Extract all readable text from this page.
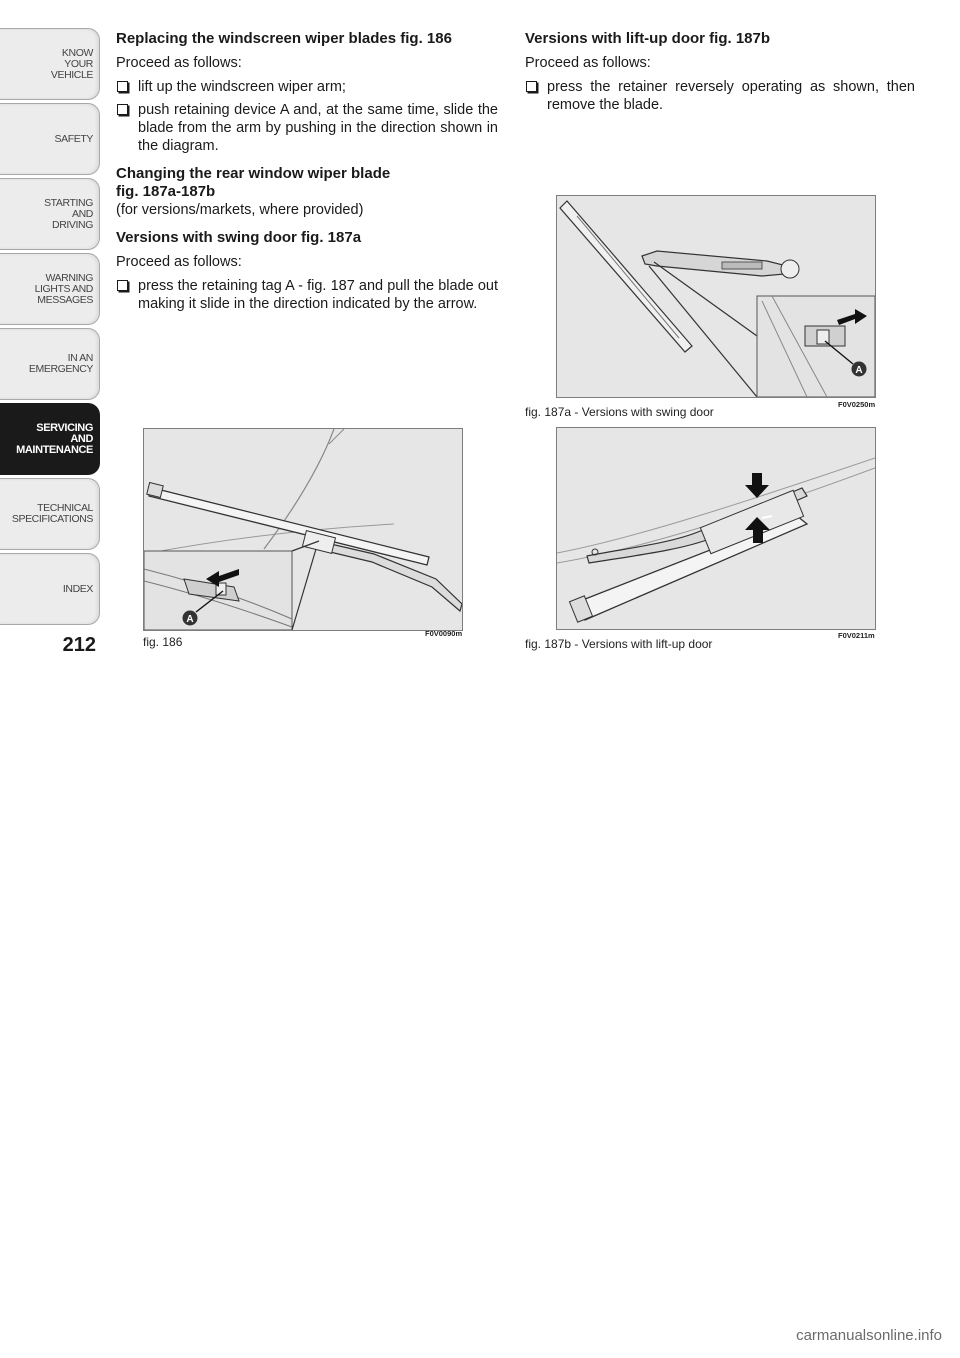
KNOW
YOUR
VEHICLE
SAFETY
STARTING
AND
DRIVING
WARNING
LIGHTS AND
MESSAGES
IN AN
EMERGENCY
SERVICING
AND
MAINTENANCE
TECHNICAL
SPECIFICATIONS
INDEX
212

Replacing the windscreen wiper blades fig. 186

Proceed as follows:

lift up the windscreen wiper arm;
push retaining device A and, at the same time, slide the blade from the arm by pushing in the direction shown in the diagram.
Changing the rear window wiper blade
fig. 187a-187b

(for versions/markets, where provided)

Versions with swing door fig. 187a

Proceed as follows:

press the retaining tag A - fig. 187 and pull the blade out making it slide in the direction indicated by the arrow.

Versions with lift-up door fig. 187b

Proceed as follows:

press the retainer reversely operating as shown, then remove the blade.
A
fig. 186
F0V0090m
A
fig. 187a - Versions with swing door
F0V0250m
fig. 187b - Versions with lift-up door
F0V0211m
carmanualsonline.info
